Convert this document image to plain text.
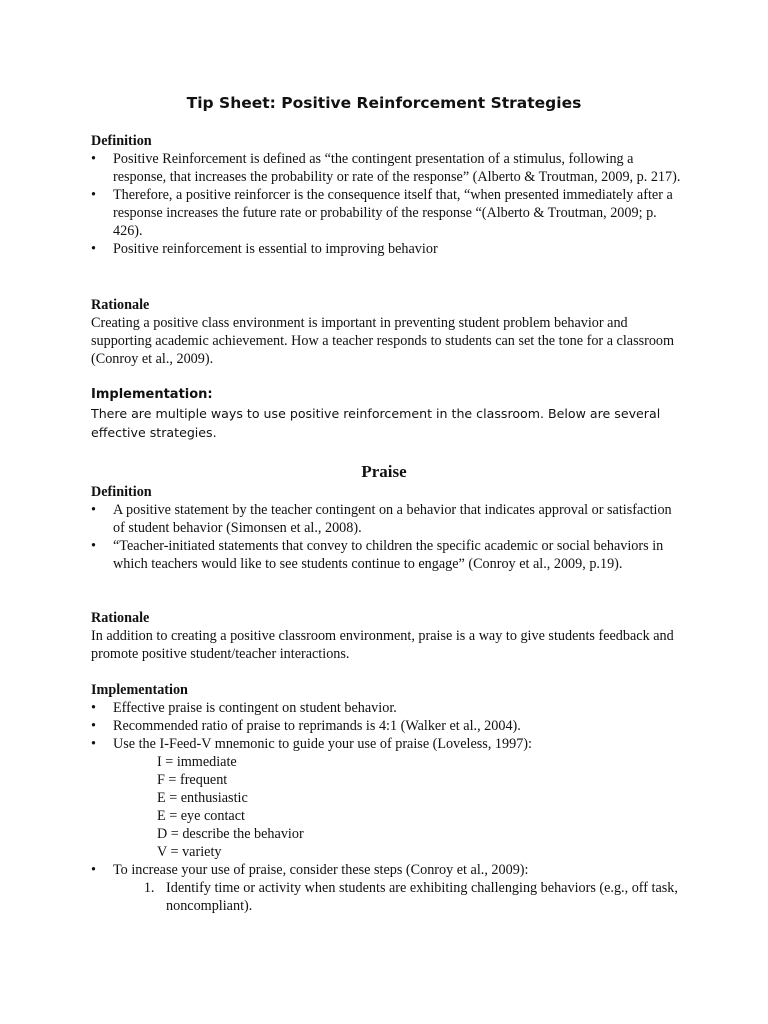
Tip Sheet: Positive Reinforcement Strategies
Definition
• Positive Reinforcement is defined as “the contingent presentation of a stimulus, following a response, that increases the probability or rate of the response” (Alberto & Troutman, 2009, p. 217).
• Therefore, a positive reinforcer is the consequence itself that, “when presented immediately after a response increases the future rate or probability of the response “(Alberto & Troutman, 2009; p. 426).
• Positive reinforcement is essential to improving behavior
Rationale

Creating a positive class environment is important in preventing student problem behavior and supporting academic achievement. How a teacher responds to students can set the tone for a classroom (Conroy et al., 2009).

Implementation:

There are multiple ways to use positive reinforcement in the classroom. Below are several effective strategies.

Praise
Definition
• A positive statement by the teacher contingent on a behavior that indicates approval or satisfaction of student behavior (Simonsen et al., 2008).
• “Teacher-initiated statements that convey to children the specific academic or social behaviors in which teachers would like to see students continue to engage” (Conroy et al., 2009, p.19).
Rationale

In addition to creating a positive classroom environment, praise is a way to give students feedback and promote positive student/teacher interactions.

Implementation
• Effective praise is contingent on student behavior.
• Recommended ratio of praise to reprimands is 4:1 (Walker et al., 2004).
• Use the I-Feed-V mnemonic to guide your use of praise (Loveless, 1997):
I = immediate
F = frequent
E = enthusiastic
E = eye contact
D = describe the behavior
V = variety
• To increase your use of praise, consider these steps (Conroy et al., 2009):
1. Identify time or activity when students are exhibiting challenging behaviors (e.g., off task, noncompliant).
